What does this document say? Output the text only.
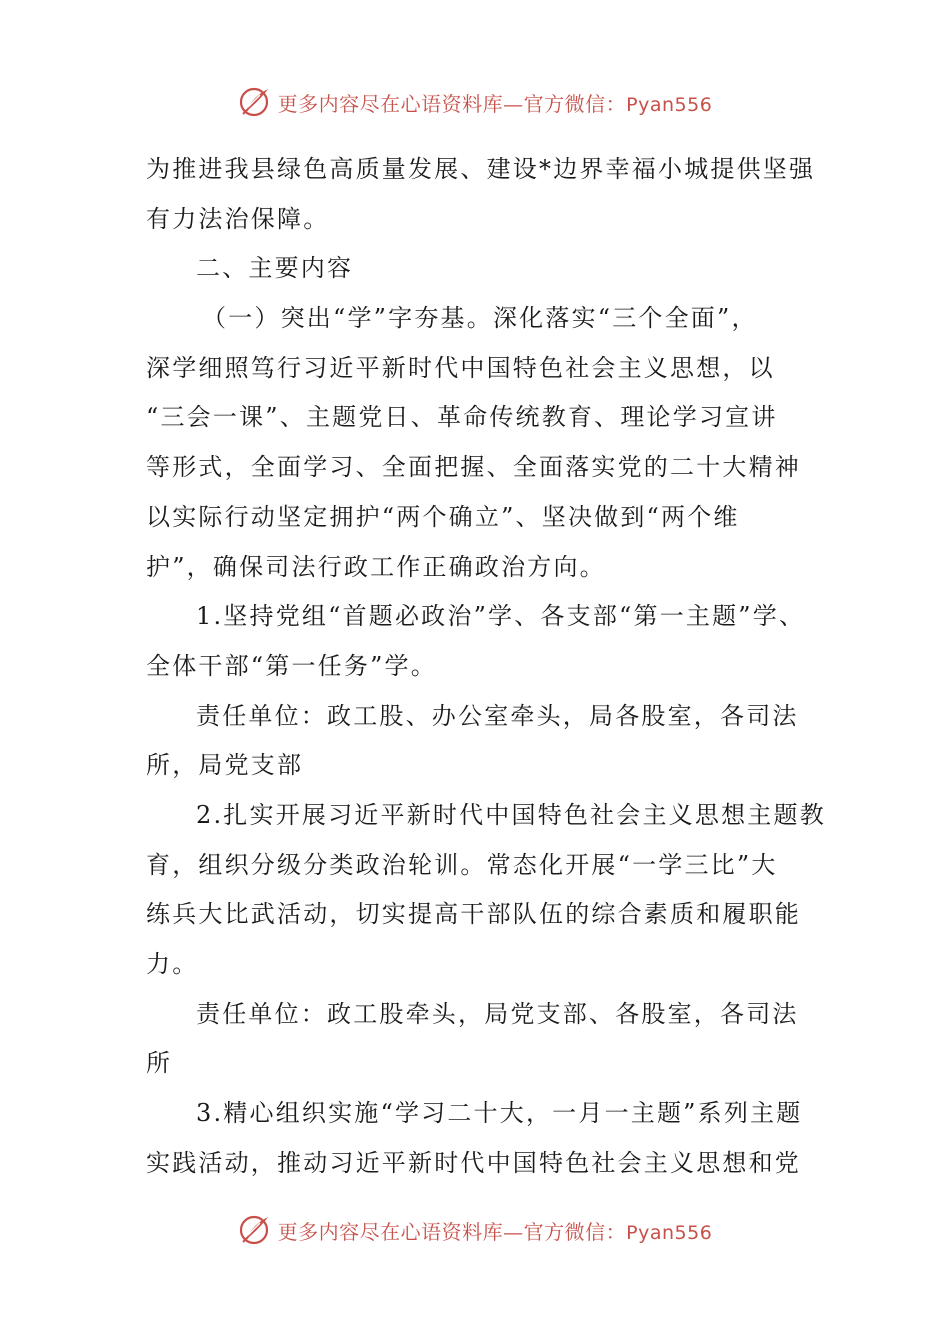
更多内容尽在心语资料库—官方微信：Pyan556
为推进我县绿色高质量发展、建设*边界幸福小城提供坚强
有力法治保障。
二、主要内容
（一）突出“学”字夯基。深化落实“三个全面”，
深学细照笃行习近平新时代中国特色社会主义思想，以
“三会一课”、主题党日、革命传统教育、理论学习宣讲
等形式，全面学习、全面把握、全面落实党的二十大精神
以实际行动坚定拥护“两个确立”、坚决做到“两个维
护”，确保司法行政工作正确政治方向。
1.坚持党组“首题必政治”学、各支部“第一主题”学、
全体干部“第一任务”学。
责任单位：政工股、办公室牵头，局各股室，各司法
所，局党支部
2.扎实开展习近平新时代中国特色社会主义思想主题教
育，组织分级分类政治轮训。常态化开展“一学三比”大
练兵大比武活动，切实提高干部队伍的综合素质和履职能
力。
责任单位：政工股牵头，局党支部、各股室，各司法
所
3.精心组织实施“学习二十大，一月一主题”系列主题
实践活动，推动习近平新时代中国特色社会主义思想和党
更多内容尽在心语资料库—官方微信：Pyan556
